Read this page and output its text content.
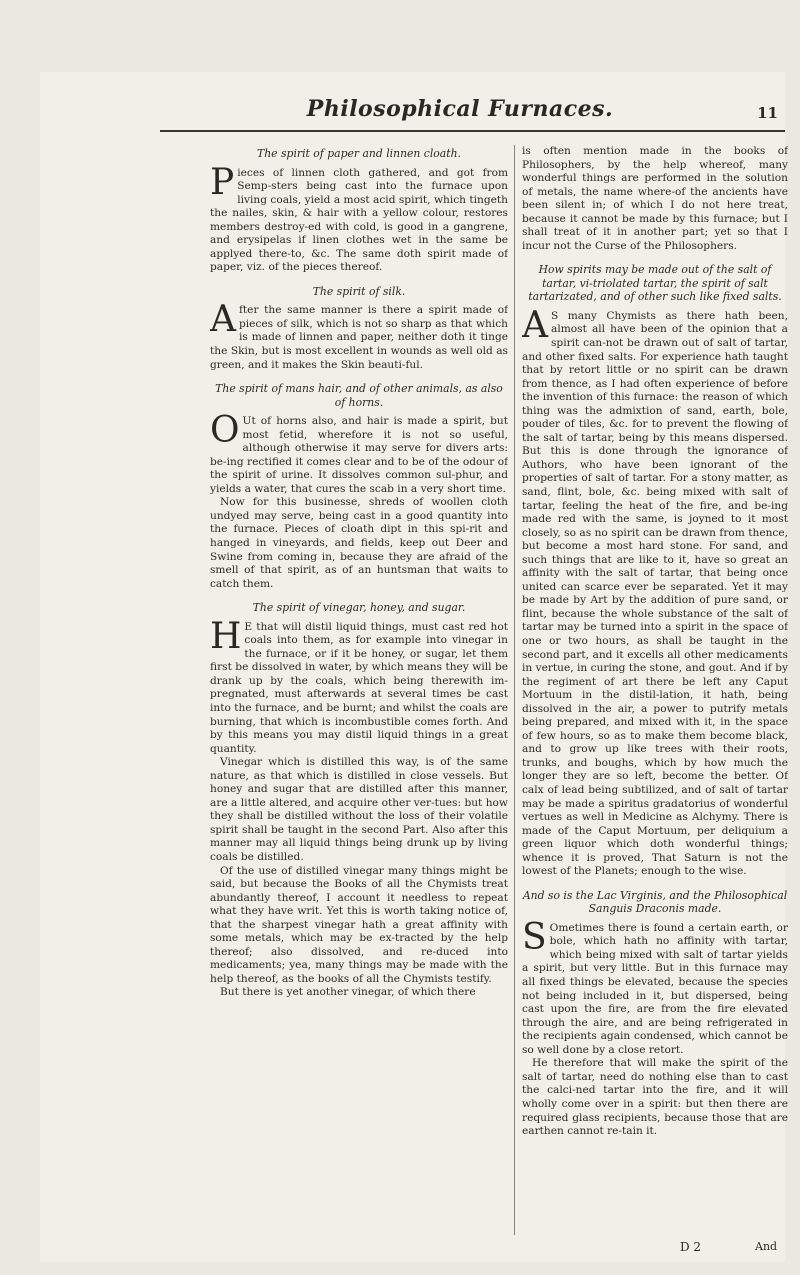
Philosophical Furnaces.	11
The spirit of paper and linnen cloath.

Pieces of linnen cloth gathered, and got from Semp-sters being cast into the furnace upon living coals, yield a most acid spirit, which tingeth the nailes, skin, & hair with a yellow colour, restores members destroy-ed with cold, is good in a gangrene, and erysipelas if linen clothes wet in the same be applyed there-to, &c. The same doth spirit made of paper, viz. of the pieces thereof.

The spirit of silk.

After the same manner is there a spirit made of pieces of silk, which is not so sharp as that which is made of linnen and paper, neither doth it tinge the Skin, but is most excellent in wounds as well old as green, and it makes the Skin beauti-ful.

The spirit of mans hair, and of other animals, as also of horns.

O Ut of horns also, and hair is made a spirit, but most fetid, wherefore it is not so useful, although otherwise it may serve for divers arts: be-ing rectified it comes clear and to be of the odour of the spirit of urine. It dissolves common sul-phur, and yields a water, that cures the scab in a very short time.

Now for this businesse, shreds of woollen cloth undyed may serve, being cast in a good quantity into the furnace. Pieces of cloath dipt in this spi-rit and hanged in vineyards, and fields, keep out Deer and Swine from coming in, because they are afraid of the smell of that spirit, as of an huntsman that waits to catch them.

The spirit of vinegar, honey, and sugar.

H E that will distil liquid things, must cast red hot coals into them, as for example into vinegar in the furnace, or if it be honey, or sugar, let them first be dissolved in water, by which means they will be drank up by the coals, which being therewith im-pregnated, must afterwards at several times be cast into the furnace, and be burnt; and whilst the coals are burning, that which is incombustible comes forth. And by this means you may distil liquid things in a great quantity.

Vinegar which is distilled this way, is of the same nature, as that which is distilled in close vessels. But honey and sugar that are distilled after this manner, are a little altered, and acquire other ver-tues: but how they shall be distilled without the loss of their volatile spirit shall be taught in the second Part. Also after this manner may all liquid things being drunk up by living coals be distilled.

Of the use of distilled vinegar many things might be said, but because the Books of all the Chymists treat abundantly thereof, I account it needless to repeat what they have writ. Yet this is worth taking notice of, that the sharpest vinegar hath a great affinity with some metals, which may be ex-tracted by the help thereof; also dissolved, and re-duced into medicaments; yea, many things may be made with the help thereof, as the books of all the Chymists testify.

But there is yet another vinegar, of which there

is often mention made in the books of Philosophers, by the help whereof, many wonderful things are performed in the solution of metals, the name where-of the ancients have been silent in; of which I do not here treat, because it cannot be made by this furnace; but I shall treat of it in another part; yet so that I incur not the Curse of the Philosophers.

How spirits may be made out of the salt of tartar, vi-triolated tartar, the spirit of salt tartarizated, and of other such like fixed salts.

A S many Chymists as there hath been, almost all have been of the opinion that a spirit can-not be drawn out of salt of tartar, and other fixed salts. For experience hath taught that by retort little or no spirit can be drawn from thence, as I had often experience of before the invention of this furnace: the reason of which thing was the admixtion of sand, earth, bole, pouder of tiles, &c. for to prevent the flowing of the salt of tartar, being by this means dispersed. But this is done through the ignorance of Authors, who have been ignorant of the properties of salt of tartar. For a stony matter, as sand, flint, bole, &c. being mixed with salt of tartar, feeling the heat of the fire, and be-ing made red with the same, is joyned to it most closely, so as no spirit can be drawn from thence, but become a most hard stone. For sand, and such things that are like to it, have so great an affinity with the salt of tartar, that being once united can scarce ever be separated. Yet it may be made by Art by the addition of pure sand, or flint, because the whole substance of the salt of tartar may be turned into a spirit in the space of one or two hours, as shall be taught in the second part, and it excells all other medicaments in vertue, in curing the stone, and gout. And if by the regiment of art there be left any Caput Mortuum in the distil-lation, it hath, being dissolved in the air, a power to putrify metals being prepared, and mixed with it, in the space of few hours, so as to make them become black, and to grow up like trees with their roots, trunks, and boughs, which by how much the longer they are so left, become the better. Of calx of lead being subtilized, and of salt of tartar may be made a spiritus gradatorius of wonderful vertues as well in Medicine as Alchymy. There is made of the Caput Mortuum, per deliquium a green liquor which doth wonderful things; whence it is proved, That Saturn is not the lowest of the Planets; enough to the wise.

And so is the Lac Virginis, and the Philosophical Sanguis Draconis made.

S Ometimes there is found a certain earth, or bole, which hath no affinity with tartar, which being mixed with salt of tartar yields a spirit, but very little. But in this furnace may all fixed things be elevated, because the species not being included in it, but dispersed, being cast upon the fire, are from the fire elevated through the aire, and are being refrigerated in the recipients again condensed, which cannot be so well done by a close retort.

He therefore that will make the spirit of the salt of tartar, need do nothing else than to cast the calci-ned tartar into the fire, and it will wholly come over in a spirit: but then there are required glass recipients, because those that are earthen cannot re-tain it.

D 2	And
